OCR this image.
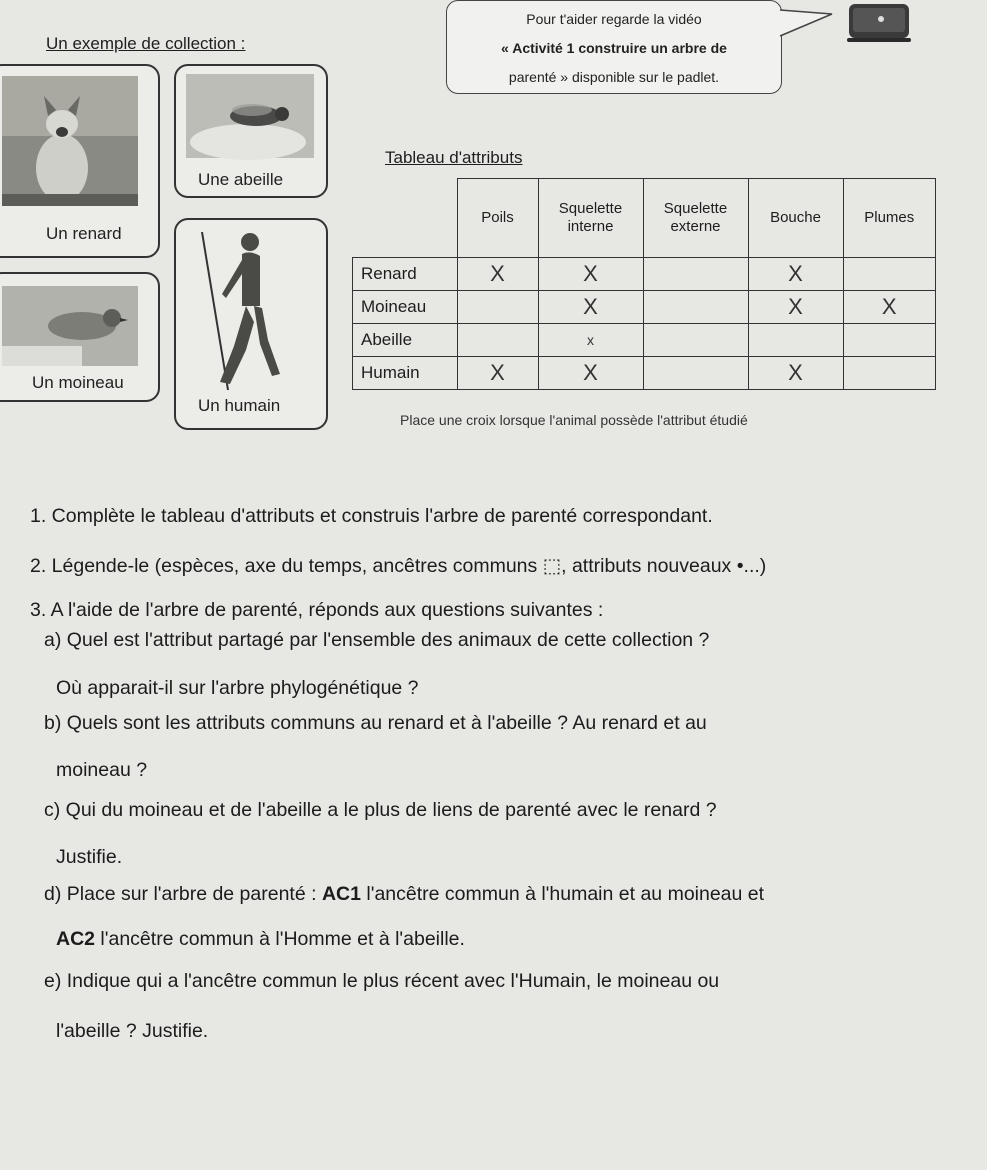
Un exemple de collection :
Pour t'aider regarde la vidéo
« Activité 1 construire un arbre de
parenté » disponible sur le padlet.
Un renard
Une abeille
Un moineau
Un humain
Tableau d'attributs
	Poils	Squelette interne	Squelette externe	Bouche	Plumes
Renard	X	X		X	
Moineau		X		X	X
Abeille		x			
Humain	X	X		X	
Place une croix lorsque l'animal possède l'attribut étudié
1. Complète le tableau d'attributs et construis l'arbre de parenté correspondant.
2. Légende-le (espèces, axe du temps, ancêtres communs ⬚, attributs nouveaux •...)
3. A l'aide de l'arbre de parenté, réponds aux questions suivantes :
a) Quel est l'attribut partagé par l'ensemble des animaux de cette collection ?
Où apparait-il sur l'arbre phylogénétique ?
b) Quels sont les attributs communs au renard et à l'abeille ? Au renard et au
moineau ?
c) Qui du moineau et de l'abeille a le plus de liens de parenté avec le renard ?
Justifie.
d) Place sur l'arbre de parenté : AC1 l'ancêtre commun à l'humain et au moineau et
AC2 l'ancêtre commun à l'Homme et à l'abeille.
e) Indique qui a l'ancêtre commun le plus récent avec l'Humain, le moineau ou
l'abeille ? Justifie.
